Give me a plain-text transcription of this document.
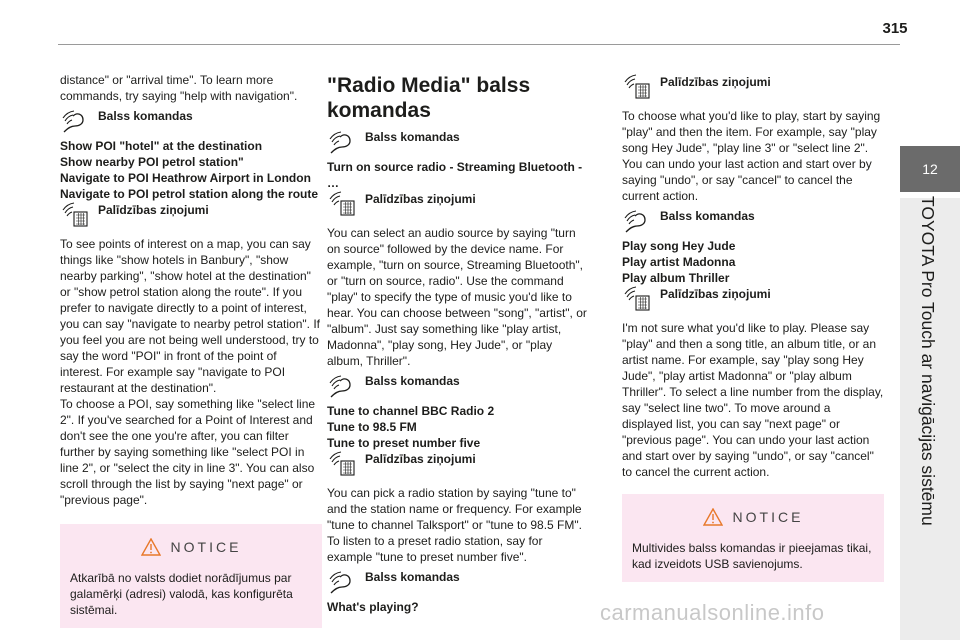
315
12
TOYOTA Pro Touch ar navigācijas sistēmu

distance" or "arrival time". To learn more commands, try saying "help with navigation".

Balss komandas
Show POI "hotel" at the destination
Show nearby POI petrol station"
Navigate to POI Heathrow Airport in London
Navigate to POI petrol station along the route
Palīdzības ziņojumi

To see points of interest on a map, you can say things like "show hotels in Banbury", "show nearby parking", "show hotel at the destination" or "show petrol station along the route". If you prefer to navigate directly to a point of interest, you can say "navigate to nearby petrol station". If you feel you are not being well understood, try to say the word "POI" in front of the point of interest. For example say "navigate to POI restaurant at the destination".

To choose a POI, say something like "select line 2". If you've searched for a Point of Interest and don't see the one you're after, you can filter further by saying something like "select POI in line 2", or "select the city in line 3". You can also scroll through the list by saying "next page" or "previous page".

NOTICE

Atkarībā no valsts dodiet norādījumus par galamērķi (adresi) valodā, kas konfigurēta sistēmai.

"Radio Media" balss komandas
Balss komandas

Turn on source radio - Streaming Bluetooth - …

Palīdzības ziņojumi

You can select an audio source by saying "turn on source" followed by the device name. For example, "turn on source, Streaming Bluetooth", or "turn on source, radio". Use the command "play" to specify the type of music you'd like to hear. You can choose between "song", "artist", or "album". Just say something like "play artist, Madonna", "play song, Hey Jude", or "play album, Thriller".

Balss komandas
Tune to channel BBC Radio 2
Tune to 98.5 FM
Tune to preset number five
Palīdzības ziņojumi

You can pick a radio station by saying "tune to" and the station name or frequency. For example "tune to channel Talksport" or "tune to 98.5 FM". To listen to a preset radio station, say for example "tune to preset number five".

Balss komandas

What's playing?

Palīdzības ziņojumi

To choose what you'd like to play, start by saying "play" and then the item. For example, say "play song Hey Jude", "play line 3" or "select line 2". You can undo your last action and start over by saying "undo", or say "cancel" to cancel the current action.

Balss komandas
Play song Hey Jude
Play artist Madonna
Play album Thriller
Palīdzības ziņojumi

I'm not sure what you'd like to play. Please say "play" and then a song title, an album title, or an artist name. For example, say "play song Hey Jude", "play artist Madonna" or "play album Thriller". To select a line number from the display, say "select line two". To move around a displayed list, you can say "next page" or "previous page". You can undo your last action and start over by saying "undo", or say "cancel" to cancel the current action.

NOTICE

Multivides balss komandas ir pieejamas tikai, kad izveidots USB savienojums.

carmanualsonline.info
